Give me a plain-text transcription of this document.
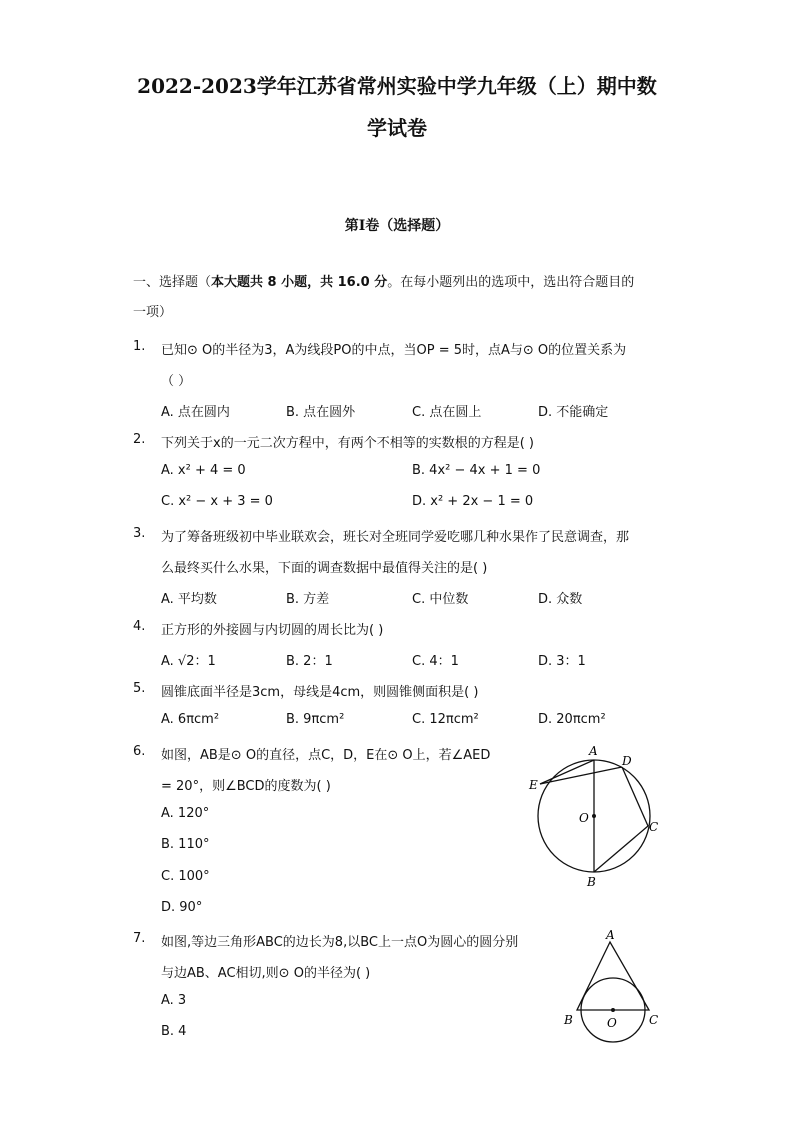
2022-2023学年江苏省常州实验中学九年级（上）期中数
学试卷
第I卷（选择题）
一、选择题（本大题共 8 小题，共 16.0 分。在每小题列出的选项中，选出符合题目的
一项）
1. 已知⊙ O的半径为3，A为线段PO的中点，当OP = 5时，点A与⊙ O的位置关系为
（ ）
A. 点在圆内	B. 点在圆外	C. 点在圆上	D. 不能确定
2. 下列关于x的一元二次方程中，有两个不相等的实数根的方程是( )
A. x² + 4 = 0	B. 4x² − 4x + 1 = 0
C. x² − x + 3 = 0	D. x² + 2x − 1 = 0
3. 为了筹备班级初中毕业联欢会，班长对全班同学爱吃哪几种水果作了民意调查，那
么最终买什么水果，下面的调查数据中最值得关注的是( )
A. 平均数	B. 方差	C. 中位数	D. 众数
4. 正方形的外接圆与内切圆的周长比为( )
A. √2：1	B. 2：1	C. 4：1	D. 3：1
5. 圆锥底面半径是3cm，母线是4cm，则圆锥侧面积是( )
A. 6πcm²	B. 9πcm²	C. 12πcm²	D. 20πcm²
6. 如图，AB是⊙ O的直径，点C，D，E在⊙ O上，若∠AED
= 20°，则∠BCD的度数为( )
A. 120°
B. 110°
C. 100°
D. 90°
A
D
E
O
C
B
7. 如图,等边三角形ABC的边长为8,以BC上一点O为圆心的圆分别
与边AB、AC相切,则⊙ O的半径为( )
A. 3
B. 4
A
B	O	C
